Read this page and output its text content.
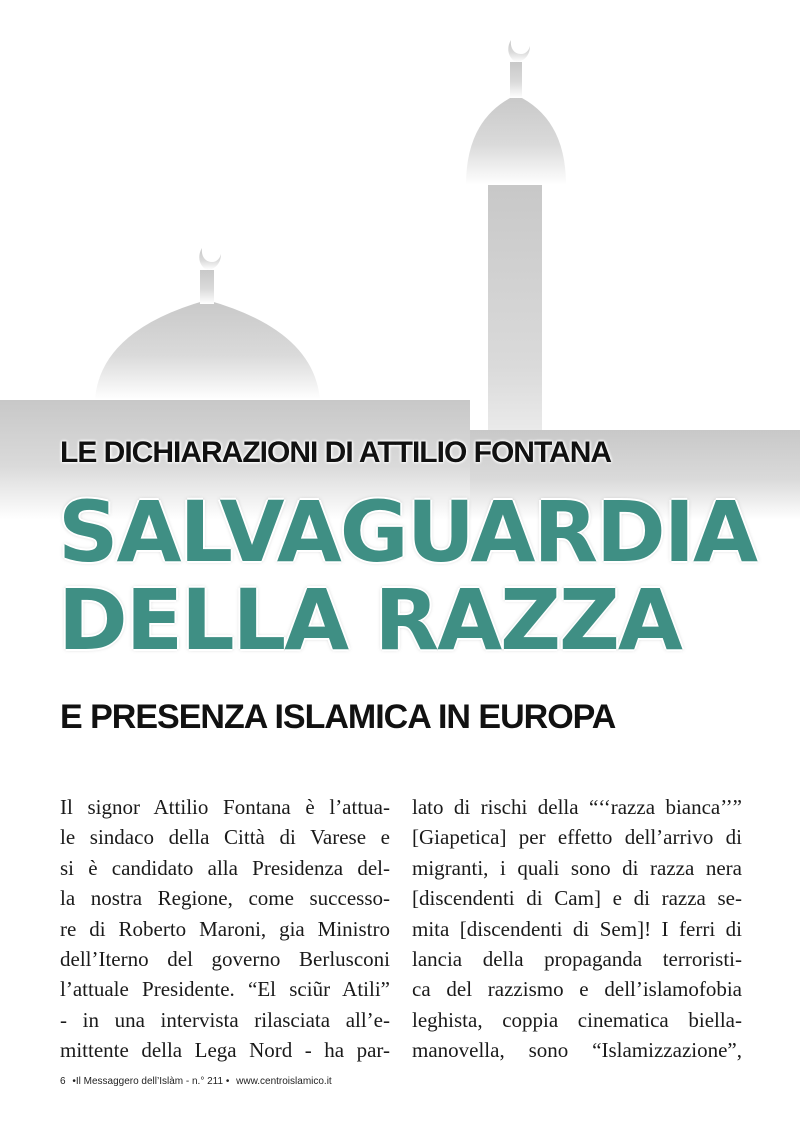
LE DICHIARAZIONI DI ATTILIO FONTANA
SALVAGUARDIA
DELLA RAZZA
E PRESENZA ISLAMICA IN EUROPA
Il signor Attilio Fontana è l’attua-
le sindaco della Città di Varese e
si è candidato alla Presidenza del-
la nostra Regione, come successo-
re di Roberto Maroni, gia Ministro
dell’Iterno del governo Berlusconi
l’attuale Presidente. “El sciũr Atili”
- in una intervista rilasciata all’e-
mittente della Lega Nord - ha par-
lato di rischi della “‘‘razza bianca’’”
[Giapetica] per effetto dell’arrivo di
migranti, i quali sono di razza nera
[discendenti di Cam] e di razza se-
mita [discendenti di Sem]! I ferri di
lancia della propaganda terroristi-
ca del razzismo e dell’islamofobia
leghista, coppia cinematica biella-
manovella, sono “Islamizzazione”,
6 •Il Messaggero dell’Islàm - n.° 211 • www.centroislamico.it
